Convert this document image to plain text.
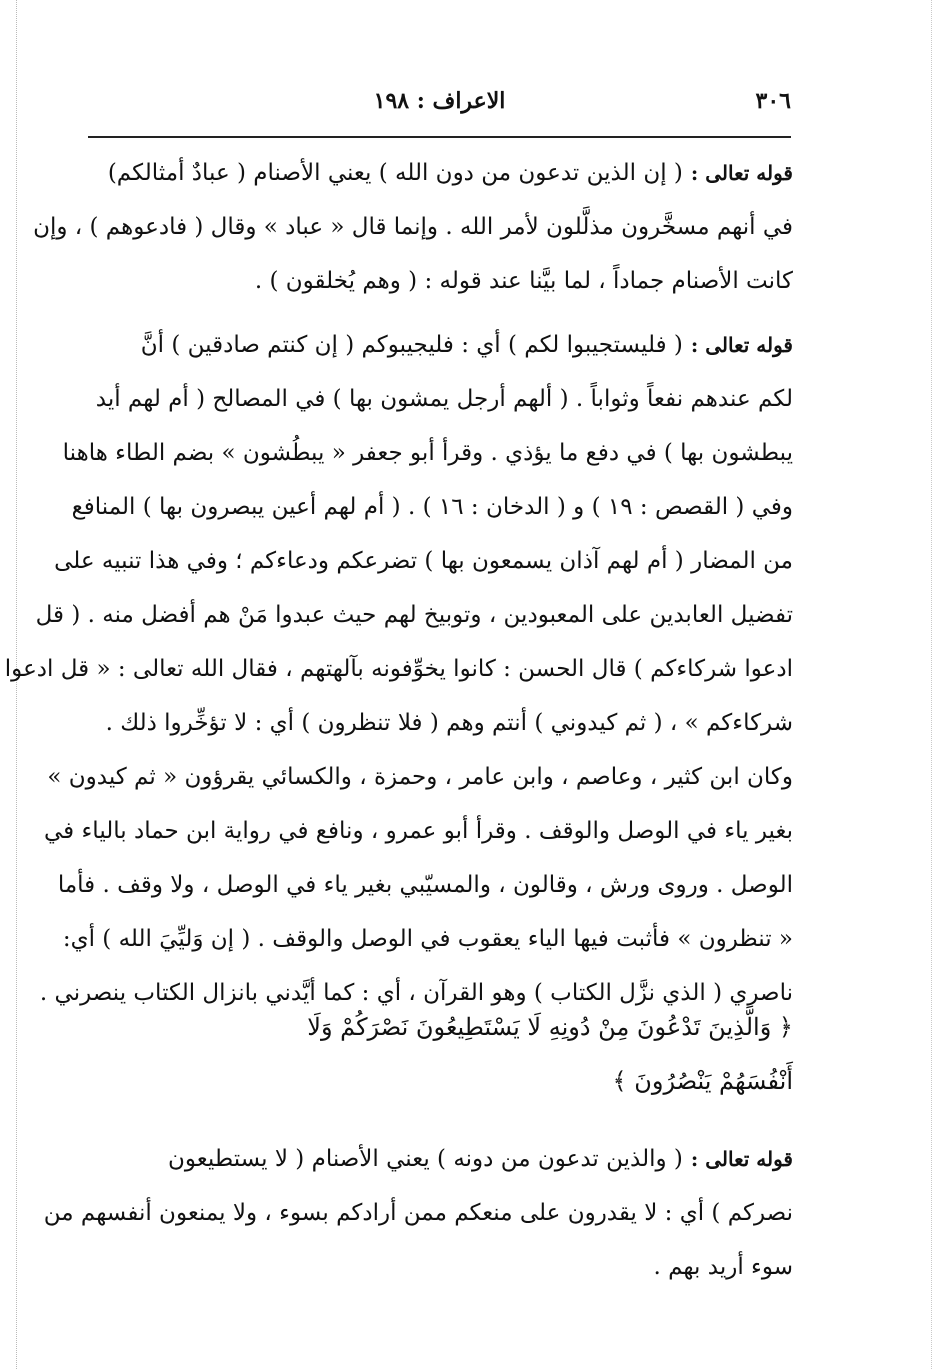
٣٠٦
الاعراف : ١٩٨
قوله تعالى :( إن الذين تدعون من دون الله ) يعني الأصنام ( عبادٌ أمثالكم)
في أنهم مسخَّرون مذلَّلون لأمر الله . وإنما قال « عباد » وقال ( فادعوهم ) ، وإن
كانت الأصنام جماداً ، لما بيَّنا عند قوله : ( وهم يُخلقون ) .
قوله تعالى :( فليستجيبوا لكم ) أي : فليجيبوكم ( إن كنتم صادقين ) أنَّ
لكم عندهم نفعاً وثواباً . ( ألهم أرجل يمشون بها ) في المصالح ( أم لهم أيد
يبطشون بها ) في دفع ما يؤذي . وقرأ أبو جعفر « يبطُشون » بضم الطاء هاهنا
وفي ( القصص : ١٩ ) و ( الدخان : ١٦ ) . ( أم لهم أعين يبصرون بها ) المنافع
من المضار ( أم لهم آذان يسمعون بها ) تضرعكم ودعاءكم ؛ وفي هذا تنبيه على
تفضيل العابدين على المعبودين ، وتوبيخ لهم حيث عبدوا مَنْ هم أفضل منه . ( قل
ادعوا شركاءكم ) قال الحسن : كانوا يخوِّفونه بآلهتهم ، فقال الله تعالى : « قل ادعوا
شركاءكم » ، ( ثم كيدوني ) أنتم وهم ( فلا تنظرون ) أي : لا تؤخِّروا ذلك .
وكان ابن كثير ، وعاصم ، وابن عامر ، وحمزة ، والكسائي يقرؤون « ثم كيدون »
بغير ياء في الوصل والوقف . وقرأ أبو عمرو ، ونافع في رواية ابن حماد بالياء في
الوصل . وروى ورش ، وقالون ، والمسيّبي بغير ياء في الوصل ، ولا وقف . فأما
« تنظرون » فأثبت فيها الياء يعقوب في الوصل والوقف . ( إن وَليِّيَ الله ) أي:
ناصري ( الذي نزَّل الكتاب ) وهو القرآن ، أي : كما أيَّدني بانزال الكتاب ينصرني .
﴿ وَالَّذِينَ تَدْعُونَ مِنْ دُونِهِ لَا يَسْتَطِيعُونَ نَصْرَكُمْ وَلَا
أَنْفُسَهُمْ يَنْصُرُونَ ﴾
قوله تعالى :( والذين تدعون من دونه ) يعني الأصنام ( لا يستطيعون
نصركم ) أي : لا يقدرون على منعكم ممن أرادكم بسوء ، ولا يمنعون أنفسهم من
سوء أريد بهم .
